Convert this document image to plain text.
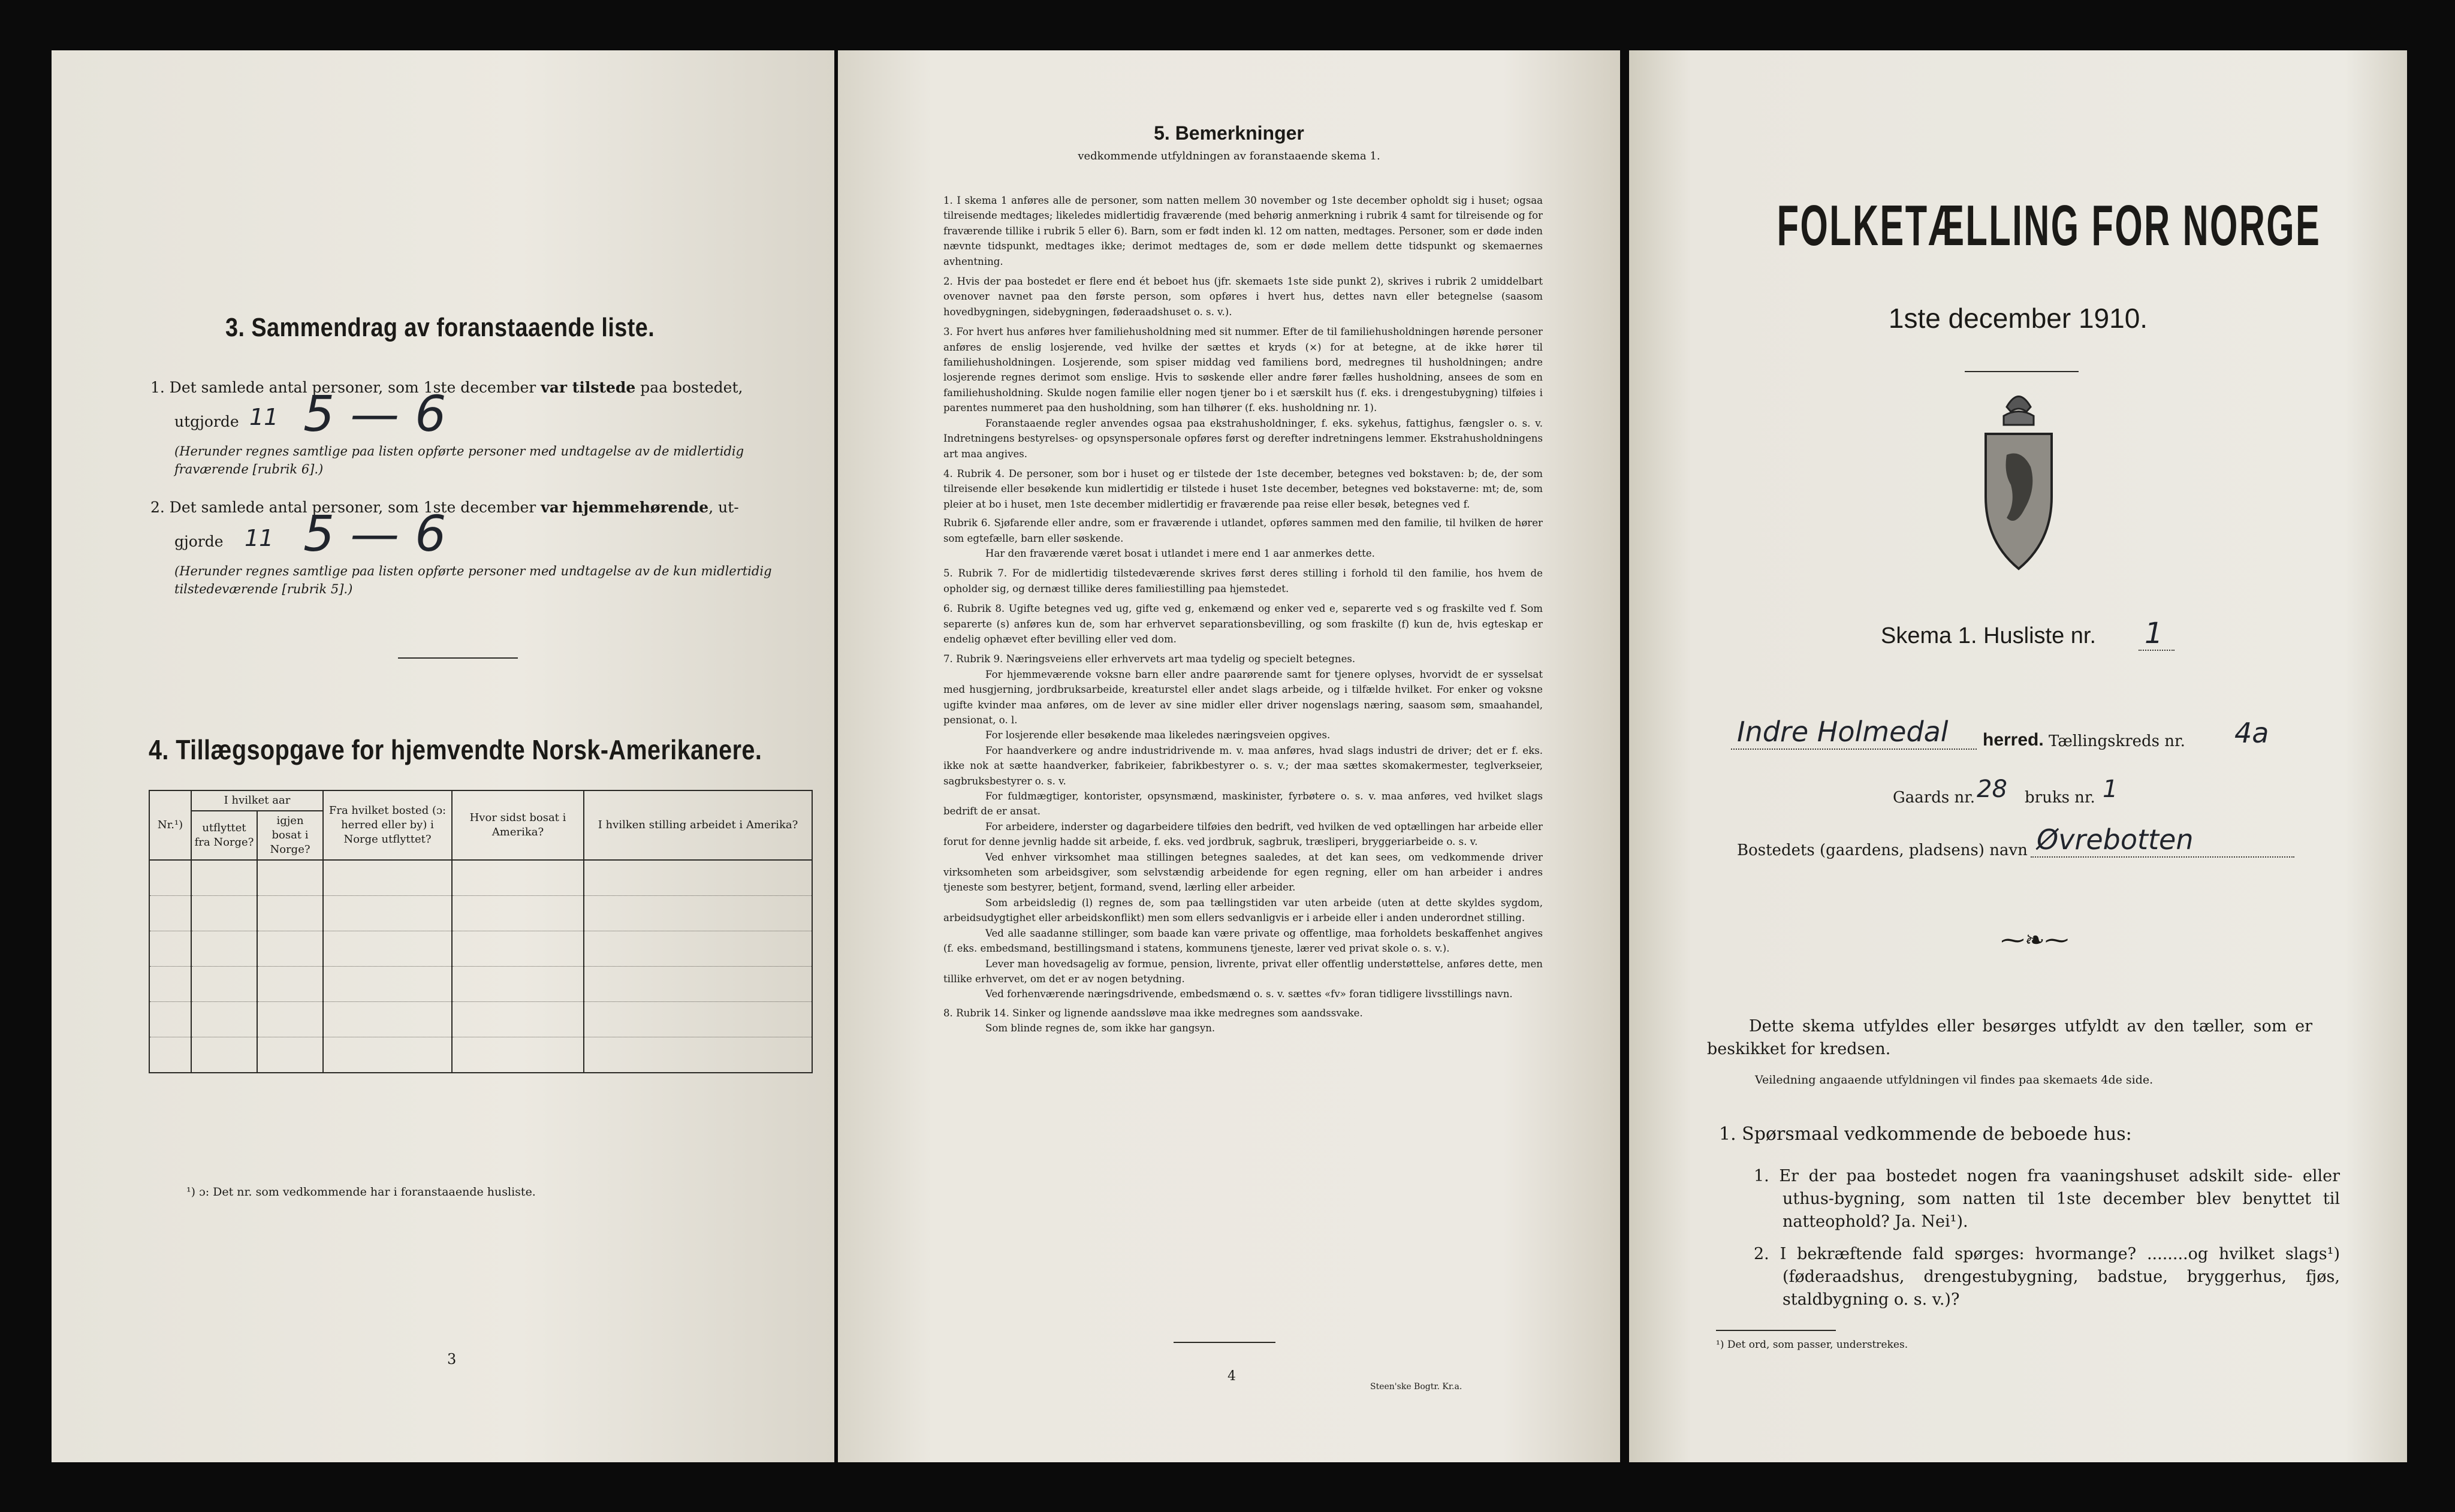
3. Sammendrag av foranstaaende liste.
1. Det samlede antal personer, som 1ste december var tilstede paa bostedet,
utgjorde 11 5 — 6
(Herunder regnes samtlige paa listen opførte personer med undtagelse av de midlertidig fraværende [rubrik 6].)
2. Det samlede antal personer, som 1ste december var hjemmehørende, ut-
gjorde 11 5 — 6
(Herunder regnes samtlige paa listen opførte personer med undtagelse av de kun midlertidig tilstedeværende [rubrik 5].)
4. Tillægsopgave for hjemvendte Norsk-Amerikanere.
Nr.¹)	I hvilket aar		Fra hvilket bosted (ɔ: herred eller by) i Norge utflyttet?	Hvor sidst bosat i Amerika?	I hvilken stilling arbeidet i Amerika?
	utflyttet fra Norge?	igjen bosat i Norge?			

¹) ɔ: Det nr. som vedkommende har i foranstaaende husliste.
3
5. Bemerkninger
vedkommende utfyldningen av foranstaaende skema 1.

1. I skema 1 anføres alle de personer, som natten mellem 30 november og 1ste december opholdt sig i huset; ogsaa tilreisende medtages; likeledes midlertidig fraværende (med behørig anmerkning i rubrik 4 samt for tilreisende og for fraværende tillike i rubrik 5 eller 6). Barn, som er født inden kl. 12 om natten, medtages. Personer, som er døde inden nævnte tidspunkt, medtages ikke; derimot medtages de, som er døde mellem dette tidspunkt og skemaernes avhentning.

2. Hvis der paa bostedet er flere end ét beboet hus (jfr. skemaets 1ste side punkt 2), skrives i rubrik 2 umiddelbart ovenover navnet paa den første person, som opføres i hvert hus, dettes navn eller betegnelse (saasom hovedbygningen, sidebygningen, føderaadshuset o. s. v.).

3. For hvert hus anføres hver familiehusholdning med sit nummer. Efter de til familiehusholdningen hørende personer anføres de enslig losjerende, ved hvilke der sættes et kryds (×) for at betegne, at de ikke hører til familiehusholdningen. Losjerende, som spiser middag ved familiens bord, medregnes til husholdningen; andre losjerende regnes derimot som enslige. Hvis to søskende eller andre fører fælles husholdning, ansees de som en familiehusholdning. Skulde nogen familie eller nogen tjener bo i et særskilt hus (f. eks. i drengestubygning) tilføies i parentes nummeret paa den husholdning, som han tilhører (f. eks. husholdning nr. 1).

Foranstaaende regler anvendes ogsaa paa ekstrahusholdninger, f. eks. sykehus, fattighus, fængsler o. s. v. Indretningens bestyrelses- og opsynspersonale opføres først og derefter indretningens lemmer. Ekstrahusholdningens art maa angives.

4. Rubrik 4. De personer, som bor i huset og er tilstede der 1ste december, betegnes ved bokstaven: b; de, der som tilreisende eller besøkende kun midlertidig er tilstede i huset 1ste december, betegnes ved bokstaverne: mt; de, som pleier at bo i huset, men 1ste december midlertidig er fraværende paa reise eller besøk, betegnes ved f.

Rubrik 6. Sjøfarende eller andre, som er fraværende i utlandet, opføres sammen med den familie, til hvilken de hører som egtefælle, barn eller søskende.

Har den fraværende været bosat i utlandet i mere end 1 aar anmerkes dette.

5. Rubrik 7. For de midlertidig tilstedeværende skrives først deres stilling i forhold til den familie, hos hvem de opholder sig, og dernæst tillike deres familiestilling paa hjemstedet.

6. Rubrik 8. Ugifte betegnes ved ug, gifte ved g, enkemænd og enker ved e, separerte ved s og fraskilte ved f. Som separerte (s) anføres kun de, som har erhvervet separationsbevilling, og som fraskilte (f) kun de, hvis egteskap er endelig ophævet efter bevilling eller ved dom.

7. Rubrik 9. Næringsveiens eller erhvervets art maa tydelig og specielt betegnes.

For hjemmeværende voksne barn eller andre paarørende samt for tjenere oplyses, hvorvidt de er sysselsat med husgjerning, jordbruksarbeide, kreaturstel eller andet slags arbeide, og i tilfælde hvilket. For enker og voksne ugifte kvinder maa anføres, om de lever av sine midler eller driver nogenslags næring, saasom søm, smaahandel, pensionat, o. l.

For losjerende eller besøkende maa likeledes næringsveien opgives.

For haandverkere og andre industridrivende m. v. maa anføres, hvad slags industri de driver; det er f. eks. ikke nok at sætte haandverker, fabrikeier, fabrikbestyrer o. s. v.; der maa sættes skomakermester, teglverkseier, sagbruksbestyrer o. s. v.

For fuldmægtiger, kontorister, opsynsmænd, maskinister, fyrbøtere o. s. v. maa anføres, ved hvilket slags bedrift de er ansat.

For arbeidere, inderster og dagarbeidere tilføies den bedrift, ved hvilken de ved optællingen har arbeide eller forut for denne jevnlig hadde sit arbeide, f. eks. ved jordbruk, sagbruk, træsliperi, bryggeriarbeide o. s. v.

Ved enhver virksomhet maa stillingen betegnes saaledes, at det kan sees, om vedkommende driver virksomheten som arbeidsgiver, som selvstændig arbeidende for egen regning, eller om han arbeider i andres tjeneste som bestyrer, betjent, formand, svend, lærling eller arbeider.

Som arbeidsledig (l) regnes de, som paa tællingstiden var uten arbeide (uten at dette skyldes sygdom, arbeidsudygtighet eller arbeidskonflikt) men som ellers sedvanligvis er i arbeide eller i anden underordnet stilling.

Ved alle saadanne stillinger, som baade kan være private og offentlige, maa forholdets beskaffenhet angives (f. eks. embedsmand, bestillingsmand i statens, kommunens tjeneste, lærer ved privat skole o. s. v.).

Lever man hovedsagelig av formue, pension, livrente, privat eller offentlig understøttelse, anføres dette, men tillike erhvervet, om det er av nogen betydning.

Ved forhenværende næringsdrivende, embedsmænd o. s. v. sættes «fv» foran tidligere livsstillings navn.

8. Rubrik 14. Sinker og lignende aandssløve maa ikke medregnes som aandssvake.

Som blinde regnes de, som ikke har gangsyn.

4
Steen'ske Bogtr. Kr.a.
FOLKETÆLLING FOR NORGE
1ste december 1910.
Skema 1. Husliste nr. 1
Indre Holmedal herred. Tællingskreds nr. 4a
Gaards nr. 28 bruks nr. 1
Bostedets (gaardens, pladsens) navn Øvrebotten
⁓❧⁓
Dette skema utfyldes eller besørges utfyldt av den tæller, som er beskikket for kredsen.
Veiledning angaaende utfyldningen vil findes paa skemaets 4de side.
1. Spørsmaal vedkommende de beboede hus:
1. Er der paa bostedet nogen fra vaaningshuset adskilt side- eller uthus-bygning, som natten til 1ste december blev benyttet til natteophold? Ja. Nei¹).
2. I bekræftende fald spørges: hvormange? ........og hvilket slags¹) (føderaadshus, drengestubygning, badstue, bryggerhus, fjøs, staldbygning o. s. v.)?
¹) Det ord, som passer, understrekes.
